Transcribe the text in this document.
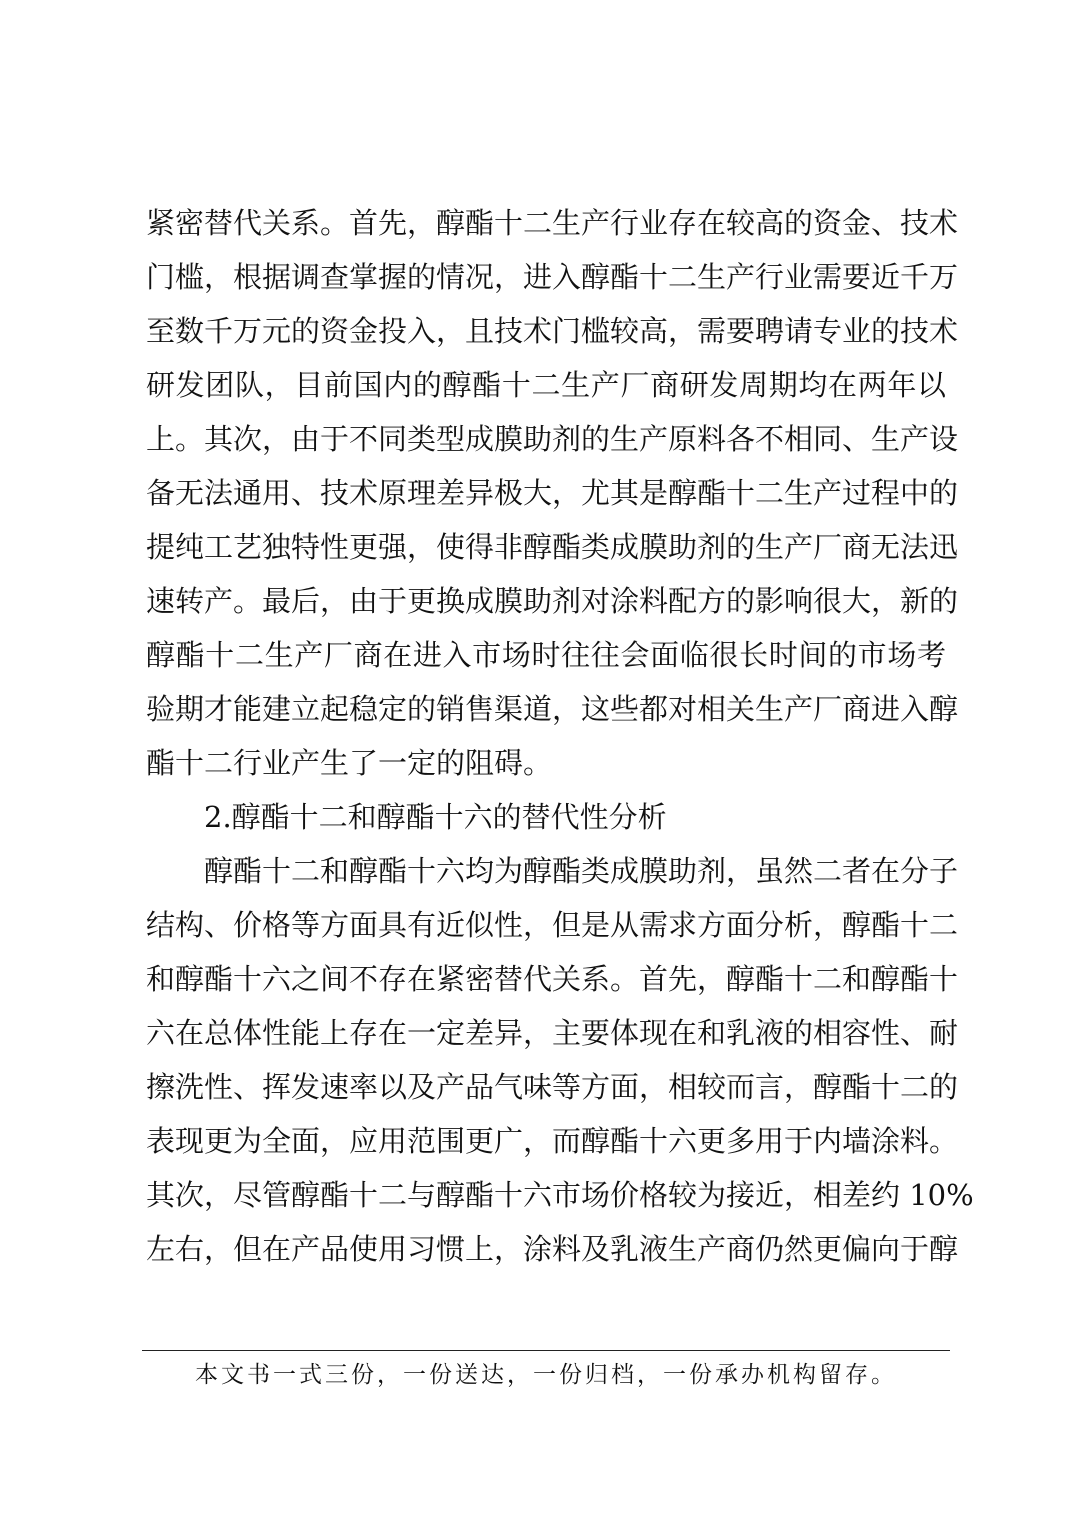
紧密替代关系。首先，醇酯十二生产行业存在较高的资金、技术
门槛，根据调查掌握的情况，进入醇酯十二生产行业需要近千万
至数千万元的资金投入，且技术门槛较高，需要聘请专业的技术
研发团队，目前国内的醇酯十二生产厂商研发周期均在两年以
上。其次，由于不同类型成膜助剂的生产原料各不相同、生产设
备无法通用、技术原理差异极大，尤其是醇酯十二生产过程中的
提纯工艺独特性更强，使得非醇酯类成膜助剂的生产厂商无法迅
速转产。最后，由于更换成膜助剂对涂料配方的影响很大，新的
醇酯十二生产厂商在进入市场时往往会面临很长时间的市场考
验期才能建立起稳定的销售渠道，这些都对相关生产厂商进入醇
酯十二行业产生了一定的阻碍。
2.醇酯十二和醇酯十六的替代性分析
醇酯十二和醇酯十六均为醇酯类成膜助剂，虽然二者在分子
结构、价格等方面具有近似性，但是从需求方面分析，醇酯十二
和醇酯十六之间不存在紧密替代关系。首先，醇酯十二和醇酯十
六在总体性能上存在一定差异，主要体现在和乳液的相容性、耐
擦洗性、挥发速率以及产品气味等方面，相较而言，醇酯十二的
表现更为全面，应用范围更广，而醇酯十六更多用于内墙涂料。
其次，尽管醇酯十二与醇酯十六市场价格较为接近，相差约 10%
左右，但在产品使用习惯上，涂料及乳液生产商仍然更偏向于醇
本文书一式三份，一份送达，一份归档，一份承办机构留存。
